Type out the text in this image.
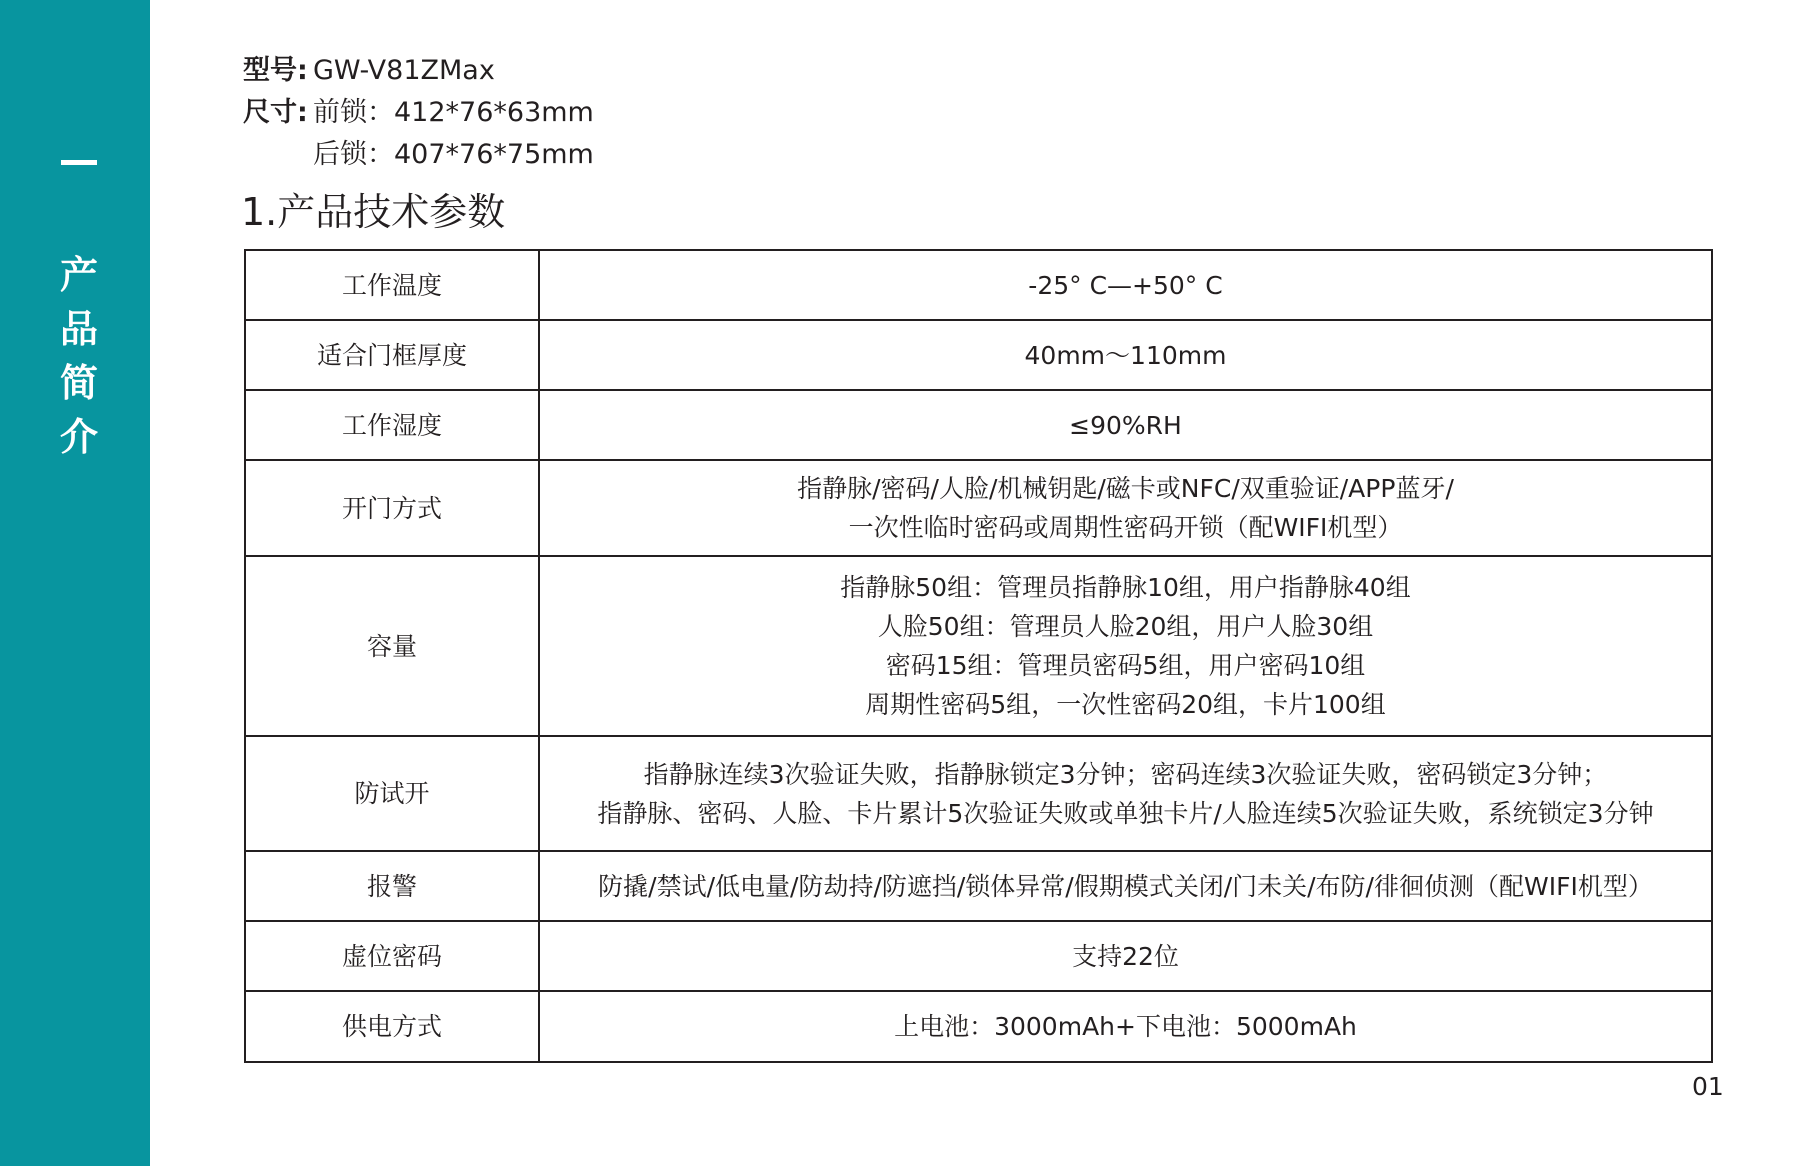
产
品
简
介
型号: GW-V81ZMax
尺寸: 前锁：412*76*63mm
后锁：407*76*75mm
1.产品技术参数
工作温度	-25° C—+50° C

适合门框厚度	40mm～110mm

工作湿度	≤90%RH

开门方式	指静脉/密码/人脸/机械钥匙/磁卡或NFC/双重验证/APP蓝牙/
一次性临时密码或周期性密码开锁（配WIFI机型）

容量	指静脉50组：管理员指静脉10组，用户指静脉40组
人脸50组：管理员人脸20组，用户人脸30组
密码15组：管理员密码5组，用户密码10组
周期性密码5组，一次性密码20组，卡片100组

防试开	指静脉连续3次验证失败，指静脉锁定3分钟；密码连续3次验证失败，密码锁定3分钟；
指静脉、密码、人脸、卡片累计5次验证失败或单独卡片/人脸连续5次验证失败，系统锁定3分钟

报警	防撬/禁试/低电量/防劫持/防遮挡/锁体异常/假期模式关闭/门未关/布防/徘徊侦测（配WIFI机型）

虚位密码	支持22位

供电方式	上电池：3000mAh+下电池：5000mAh
01
